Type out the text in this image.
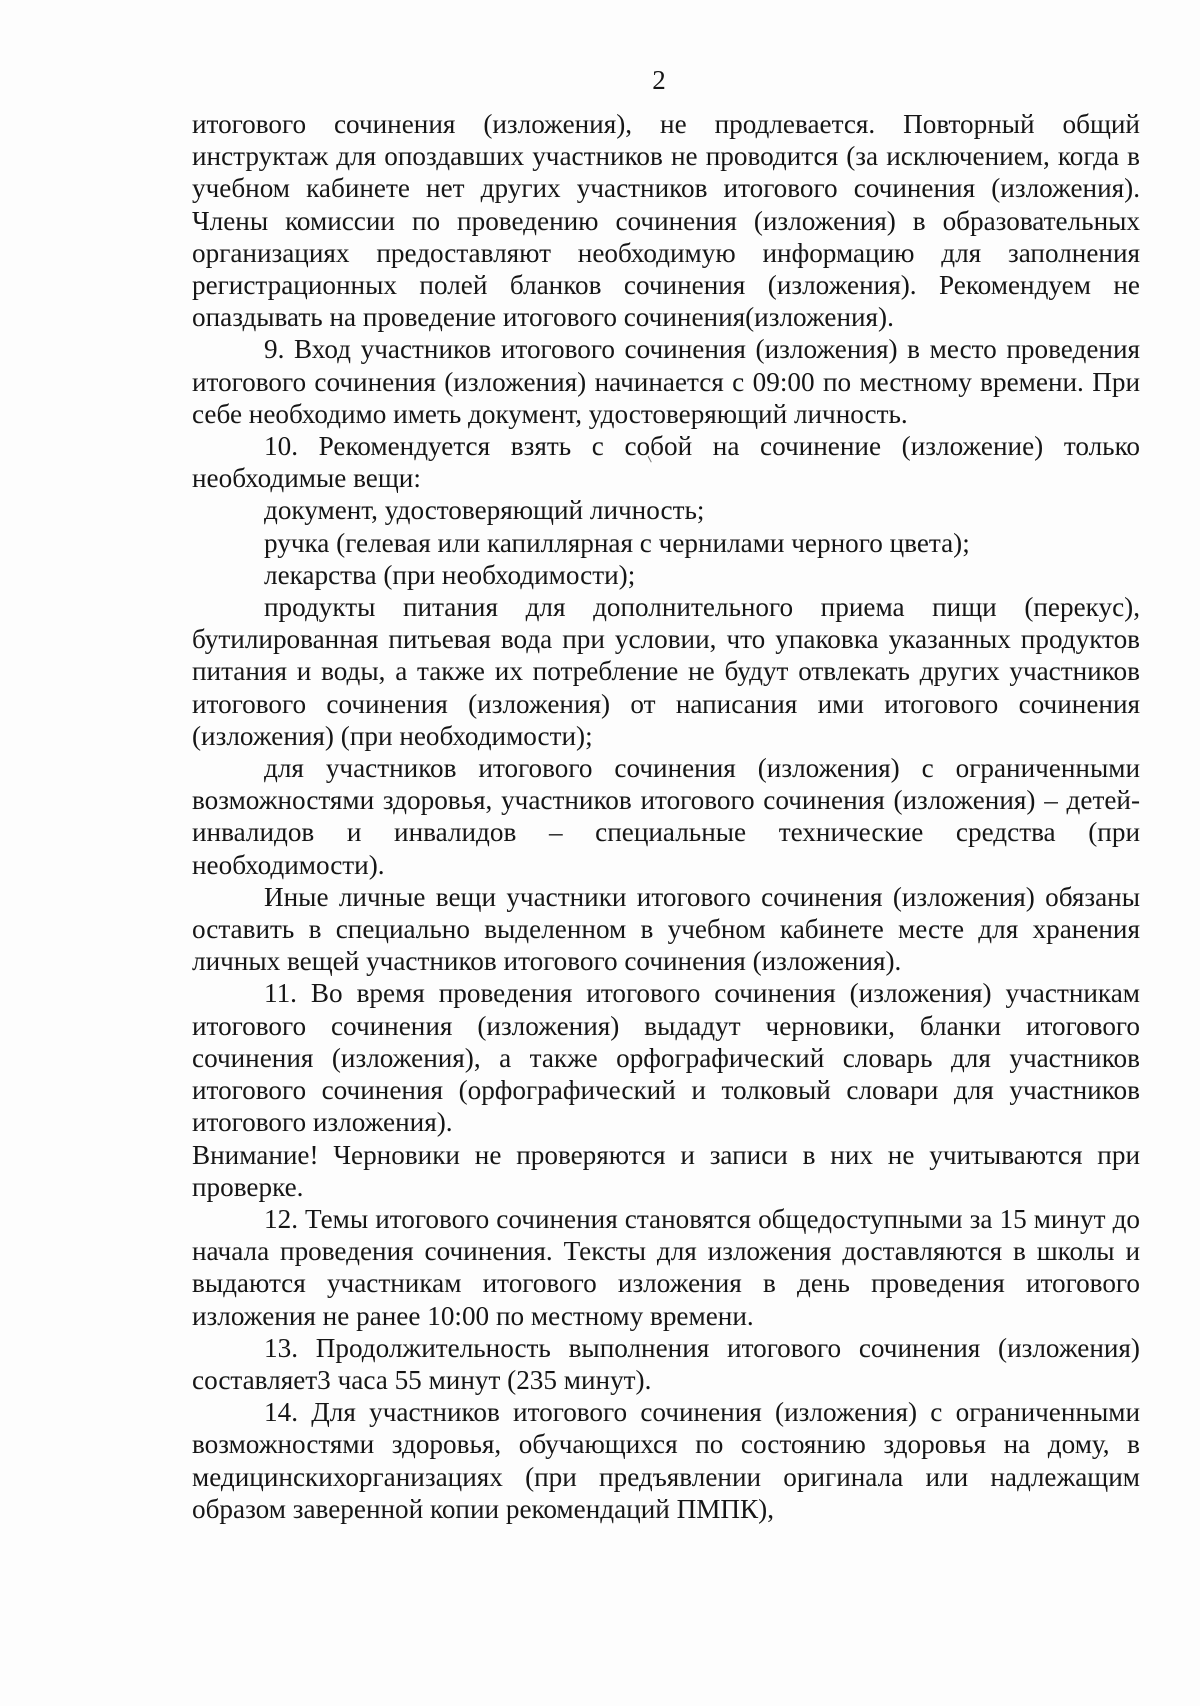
2

итогового сочинения (изложения), не продлевается. Повторный общий инструктаж для опоздавших участников не проводится (за исключением, когда в учебном кабинете нет других участников итогового сочинения (изложения). Члены комиссии по проведению сочинения (изложения) в образовательных организациях предоставляют необходимую информацию для заполнения регистрационных полей бланков сочинения (изложения). Рекомендуем не опаздывать на проведение итогового сочинения(изложения).

9. Вход участников итогового сочинения (изложения) в место проведения итогового сочинения (изложения) начинается с 09:00 по местному времени. При себе необходимо иметь документ, удостоверяющий личность.

10. Рекомендуется взять с собой на сочинение (изложение) только необходимые вещи:

документ, удостоверяющий личность;

ручка (гелевая или капиллярная с чернилами черного цвета);

лекарства (при необходимости);

продукты питания для дополнительного приема пищи (перекус), бутилированная питьевая вода при условии, что упаковка указанных продуктов питания и воды, а также их потребление не будут отвлекать других участников итогового сочинения (изложения) от написания ими итогового сочинения (изложения) (при необходимости);

для участников итогового сочинения (изложения) с ограниченными возможностями здоровья, участников итогового сочинения (изложения) – детей-инвалидов и инвалидов – специальные технические средства (при необходимости).

Иные личные вещи участники итогового сочинения (изложения) обязаны оставить в специально выделенном в учебном кабинете месте для хранения личных вещей участников итогового сочинения (изложения).

11. Во время проведения итогового сочинения (изложения) участникам итогового сочинения (изложения) выдадут черновики, бланки итогового сочинения (изложения), а также орфографический словарь для участников итогового сочинения (орфографический и толковый словари для участников итогового изложения).

Внимание! Черновики не проверяются и записи в них не учитываются при проверке.

12. Темы итогового сочинения становятся общедоступными за 15 минут до начала проведения сочинения. Тексты для изложения доставляются в школы и выдаются участникам итогового изложения в день проведения итогового изложения не ранее 10:00 по местному времени.

13. Продолжительность выполнения итогового сочинения (изложения) составляет3 часа 55 минут (235 минут).

14. Для участников итогового сочинения (изложения) с ограниченными возможностями здоровья, обучающихся по состоянию здоровья на дому, в медицинскихорганизациях (при предъявлении оригинала или надлежащим образом заверенной копии рекомендаций ПМПК),
